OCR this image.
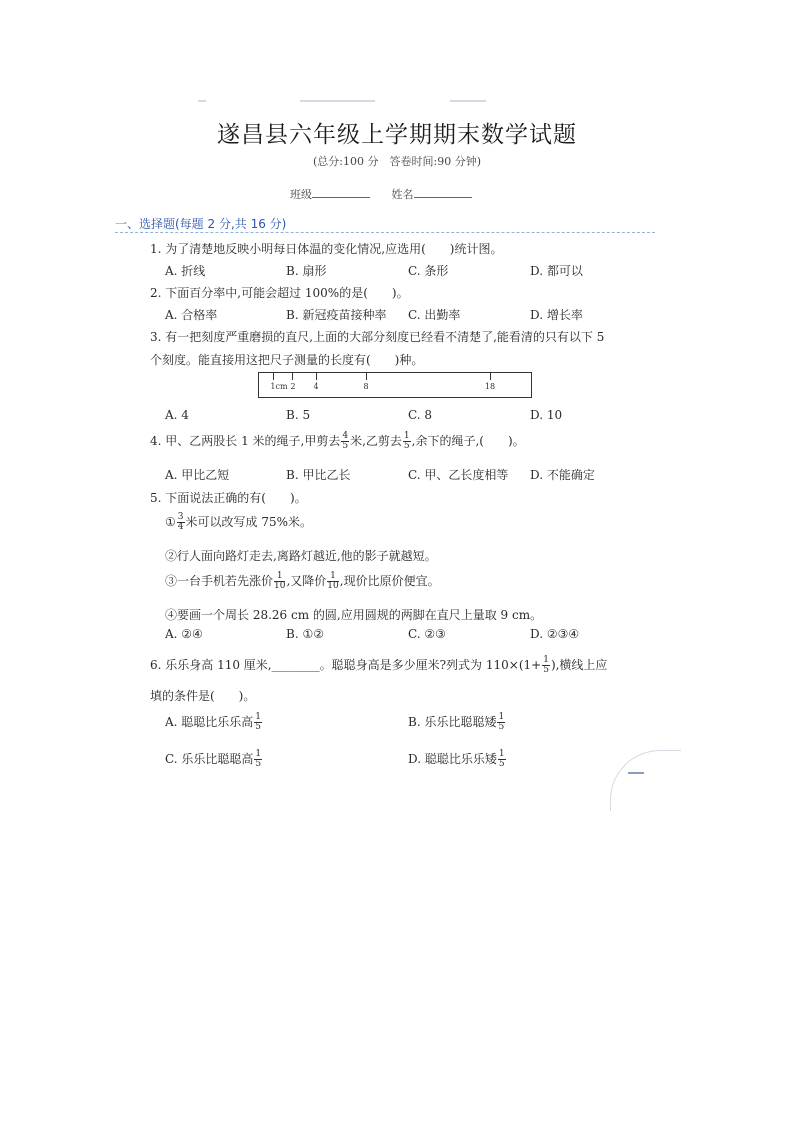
遂昌县六年级上学期期末数学试题
(总分:100 分　答卷时间:90 分钟)
班级	姓名
一、选择题(每题 2 分,共 16 分)
1. 为了清楚地反映小明每日体温的变化情况,应选用(　　)统计图。
A. 折线	B. 扇形	C. 条形	D. 都可以
2. 下面百分率中,可能会超过 100%的是(　　)。
A. 合格率	B. 新冠疫苗接种率 C. 出勤率	D. 增长率
3. 有一把刻度严重磨损的直尺,上面的大部分刻度已经看不清楚了,能看清的只有以下 5
个刻度。能直接用这把尺子测量的长度有(　　)种。
1cm 2 4	8	18
A. 4	B. 5	C. 8	D. 10
4. 甲、乙两股长 1 米的绳子,甲剪去 $\frac{4}{5}$ 米,乙剪去 $\frac{1}{5}$ ,余下的绳子,(　　)。
A. 甲比乙短	B. 甲比乙长	C. 甲、乙长度相等 D. 不能确定
5. 下面说法正确的有(　　)。
① $\frac{3}{4}$ 米可以改写成 75%米。
②行人面向路灯走去,离路灯越近,他的影子就越短。
③一台手机若先涨价 $\frac{1}{10}$ ,又降价 $\frac{1}{10}$ ,现价比原价便宜。
④要画一个周长 28.26 cm 的圆,应用圆规的两脚在直尺上量取 9 cm。
A. ②④	B. ①②	C. ②③	D. ②③④
6. 乐乐身高 110 厘米,________。聪聪身高是多少厘米?列式为 $110\times(1+ \frac{1}{5}$ ),横线上应
填的条件是(　　)。
A. 聪聪比乐乐高 $\frac{1}{5}$	B. 乐乐比聪聪矮 $\frac{1}{5}$
C. 乐乐比聪聪高 $\frac{1}{5}$	D. 聪聪比乐乐矮 $\frac{1}{5}$
